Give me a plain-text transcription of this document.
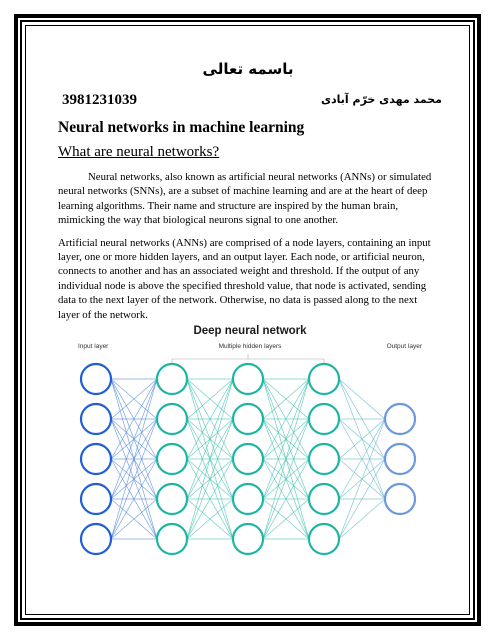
باسمه تعالی

3981231039	محمد مهدی خرّم آبادی

Neural networks in machine learning

What are neural networks?

Neural networks, also known as artificial neural networks (ANNs) or simulated neural networks (SNNs), are a subset of machine learning and are at the heart of deep learning algorithms. Their name and structure are inspired by the human brain, mimicking the way that biological neurons signal to one another.

Artificial neural networks (ANNs) are comprised of a node layers, containing an input layer, one or more hidden layers, and an output layer. Each node, or artificial neuron, connects to another and has an associated weight and threshold. If the output of any individual node is above the specified threshold value, that node is activated, sending data to the next layer of the network. Otherwise, no data is passed along to the next layer of the network.

Deep neural network

Input layer	Multiple hidden layers	Output layer
